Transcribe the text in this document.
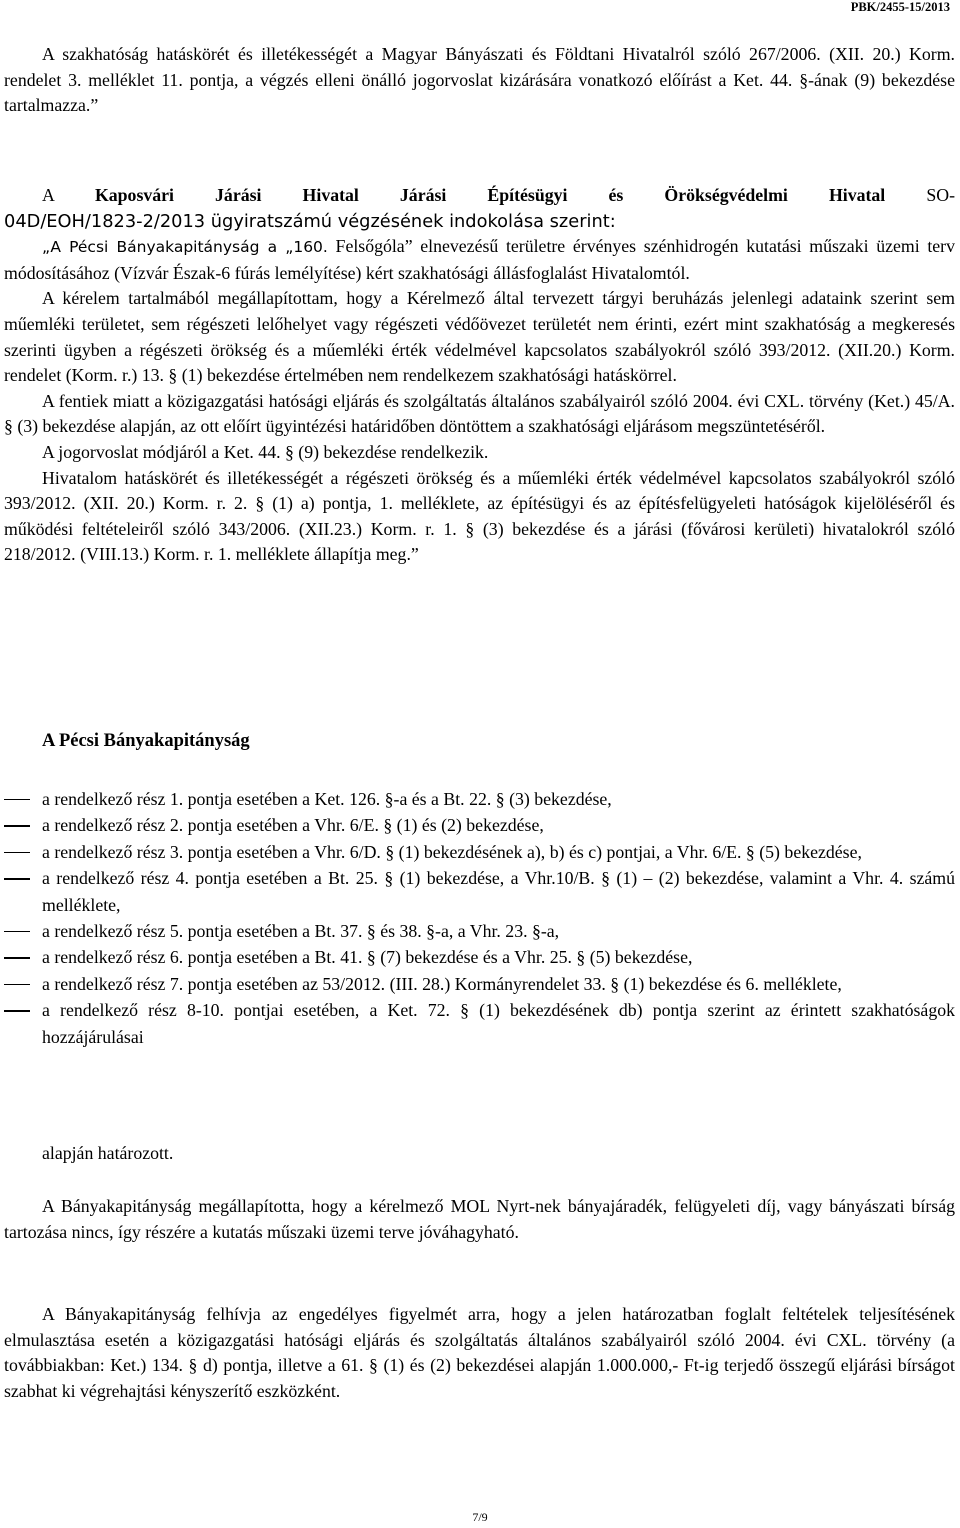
PBK/2455-15/2013

A szakhatóság hatáskörét és illetékességét a Magyar Bányászati és Földtani Hivatalról szóló 267/2006. (XII. 20.) Korm. rendelet 3. melléklet 11. pontja, a végzés elleni önálló jogorvoslat kizárására vonatkozó előírást a Ket. 44. §-ának (9) bekezdése tartalmazza.”

A Kaposvári Járási Hivatal Járási Építésügyi és Örökségvédelmi Hivatal SO-

04D/EOH/1823-2/2013 ügyiratszámú végzésének indokolása szerint:

„A Pécsi Bányakapitányság a „160. Felsőgóla” elnevezésű területre érvényes szénhidrogén kutatási műszaki üzemi terv módosításához (Vízvár Észak-6 fúrás lemélyítése) kért szakhatósági állásfoglalást Hivatalomtól.

A kérelem tartalmából megállapítottam, hogy a Kérelmező által tervezett tárgyi beruházás jelenlegi adataink szerint sem műemléki területet, sem régészeti lelőhelyet vagy régészeti védőövezet területét nem érinti, ezért mint szakhatóság a megkeresés szerinti ügyben a régészeti örökség és a műemléki érték védelmével kapcsolatos szabályokról szóló 393/2012. (XII.20.) Korm. rendelet (Korm. r.) 13. § (1) bekezdése értelmében nem rendelkezem szakhatósági hatáskörrel.

A fentiek miatt a közigazgatási hatósági eljárás és szolgáltatás általános szabályairól szóló 2004. évi CXL. törvény (Ket.) 45/A. § (3) bekezdése alapján, az ott előírt ügyintézési határidőben döntöttem a szakhatósági eljárásom megszüntetéséről.

A jogorvoslat módjáról a Ket. 44. § (9) bekezdése rendelkezik.

Hivatalom hatáskörét és illetékességét a régészeti örökség és a műemléki érték védelmével kapcsolatos szabályokról szóló 393/2012. (XII. 20.) Korm. r. 2. § (1) a) pontja, 1. melléklete, az építésügyi és az építésfelügyeleti hatóságok kijelöléséről és működési feltételeiről szóló 343/2006. (XII.23.) Korm. r. 1. § (3) bekezdése és a járási (fővárosi kerületi) hivatalokról szóló 218/2012. (VIII.13.) Korm. r. 1. melléklete állapítja meg.”

A Pécsi Bányakapitányság

a rendelkező rész 1. pontja esetében a Ket. 126. §-a és a Bt. 22. § (3) bekezdése,
a rendelkező rész 2. pontja esetében a Vhr. 6/E. § (1) és (2) bekezdése,
a rendelkező rész 3. pontja esetében a Vhr. 6/D. § (1) bekezdésének a), b) és c) pontjai, a Vhr. 6/E. § (5) bekezdése,
a rendelkező rész 4. pontja esetében a Bt. 25. § (1) bekezdése, a Vhr.10/B. § (1) – (2) bekezdése, valamint a Vhr. 4. számú melléklete,
a rendelkező rész 5. pontja esetében a Bt. 37. § és 38. §-a, a Vhr. 23. §-a,
a rendelkező rész 6. pontja esetében a Bt. 41. § (7) bekezdése és a Vhr. 25. § (5) bekezdése,
a rendelkező rész 7. pontja esetében az 53/2012. (III. 28.) Kormányrendelet 33. § (1) bekezdése és 6. melléklete,
a rendelkező rész 8-10. pontjai esetében, a Ket. 72. § (1) bekezdésének db) pontja szerint az érintett szakhatóságok hozzájárulásai

alapján határozott.

A Bányakapitányság megállapította, hogy a kérelmező MOL Nyrt-nek bányajáradék, felügyeleti díj, vagy bányászati bírság tartozása nincs, így részére a kutatás műszaki üzemi terve jóváhagyható.

A Bányakapitányság felhívja az engedélyes figyelmét arra, hogy a jelen határozatban foglalt feltételek teljesítésének elmulasztása esetén a közigazgatási hatósági eljárás és szolgáltatás általános szabályairól szóló 2004. évi CXL. törvény (a továbbiakban: Ket.) 134. § d) pontja, illetve a 61. § (1) és (2) bekezdései alapján 1.000.000,- Ft-ig terjedő összegű eljárási bírságot szabhat ki végrehajtási kényszerítő eszközként.

7/9
